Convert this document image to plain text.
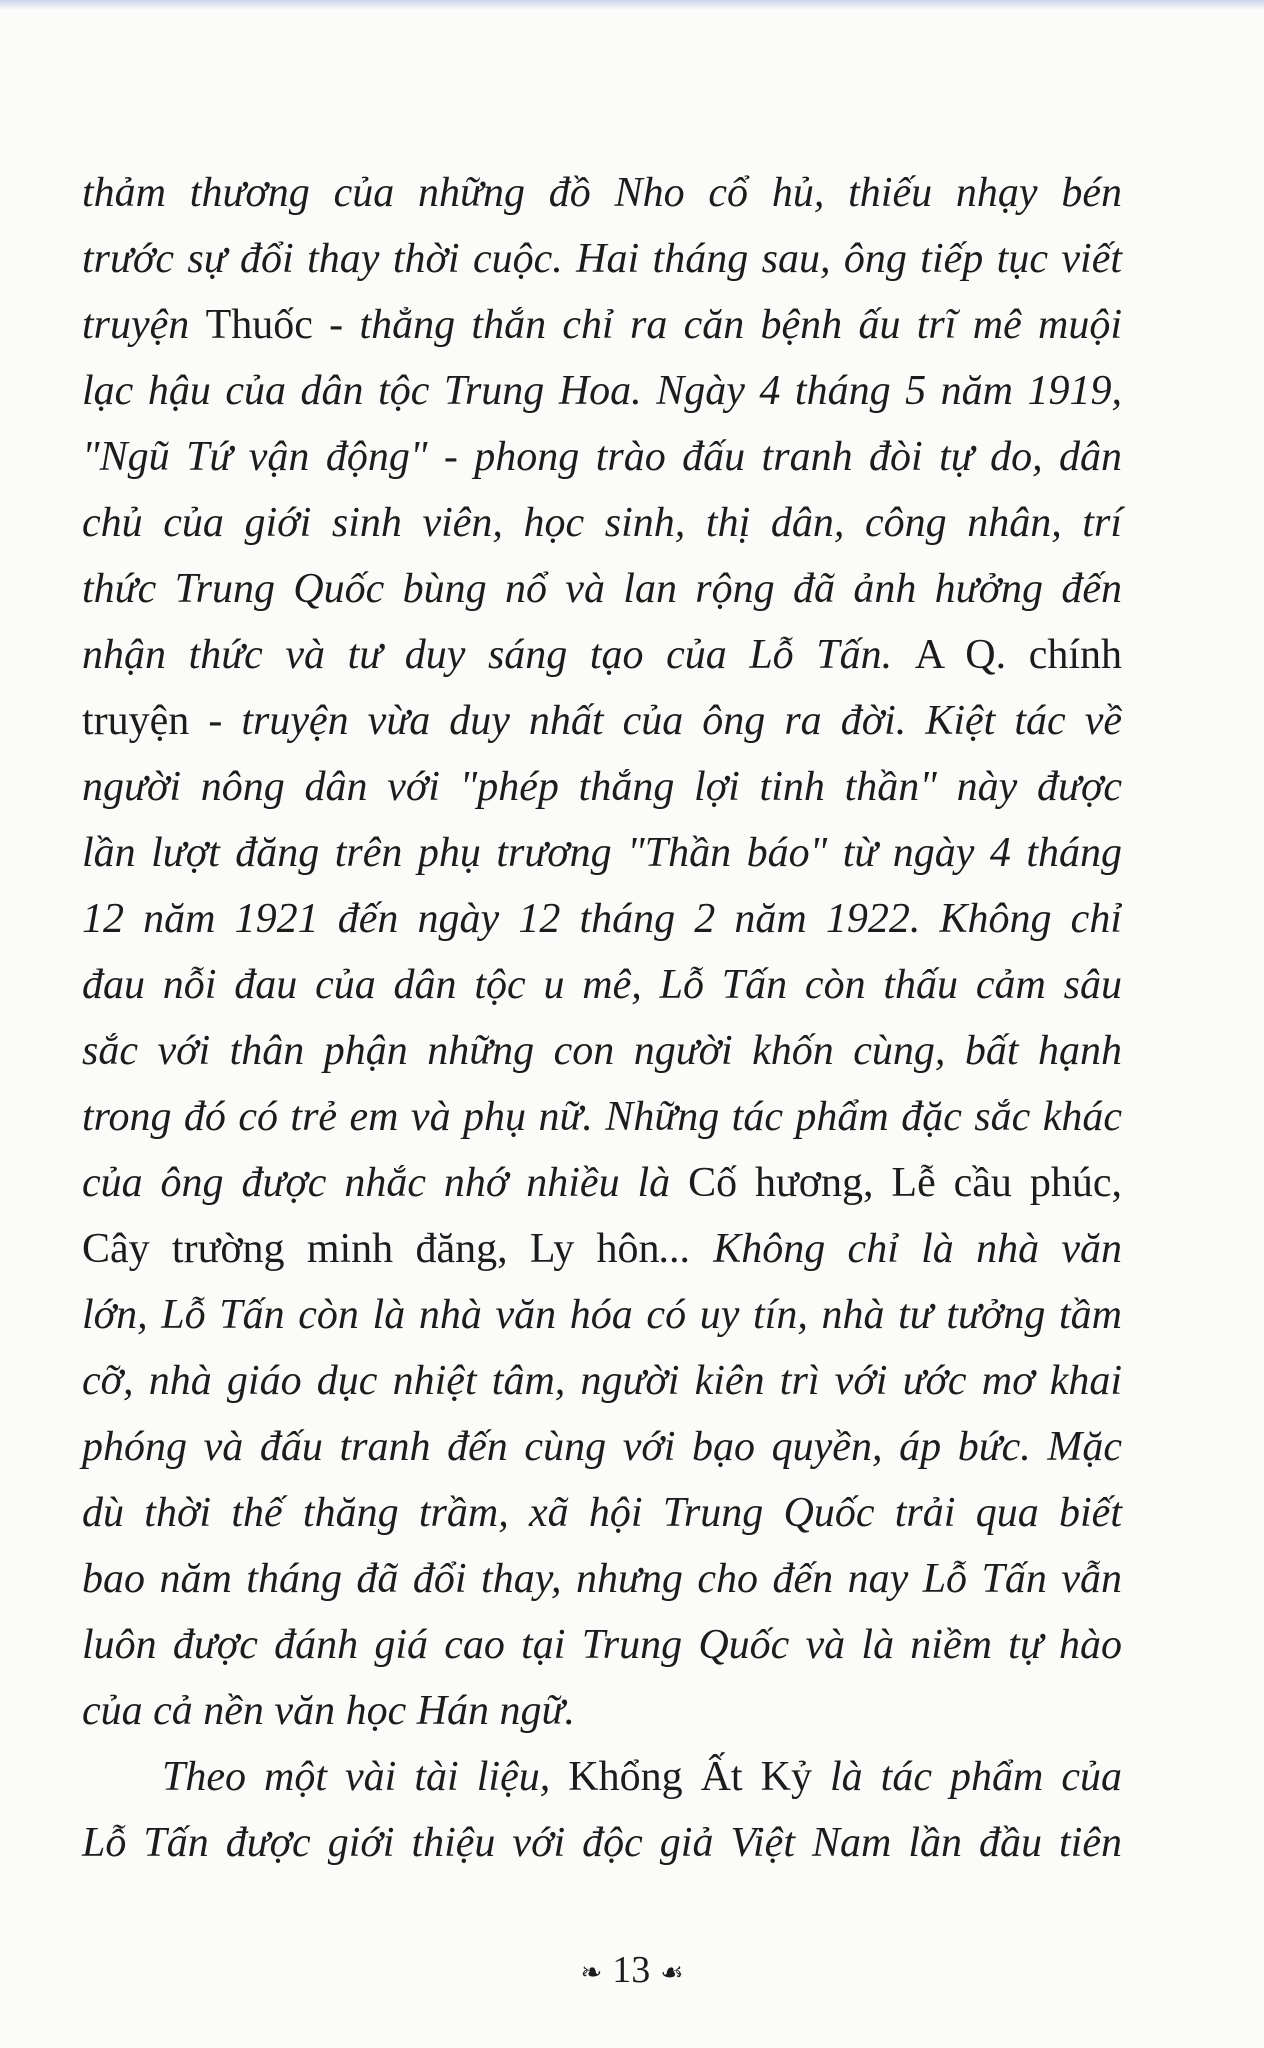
thảm thương của những đồ Nho cổ hủ, thiếu nhạy bén
trước sự đổi thay thời cuộc. Hai tháng sau, ông tiếp tục viết
truyện Thuốc - thẳng thắn chỉ ra căn bệnh ấu trĩ mê muội
lạc hậu của dân tộc Trung Hoa. Ngày 4 tháng 5 năm 1919,
"Ngũ Tứ vận động" - phong trào đấu tranh đòi tự do, dân
chủ của giới sinh viên, học sinh, thị dân, công nhân, trí
thức Trung Quốc bùng nổ và lan rộng đã ảnh hưởng đến
nhận thức và tư duy sáng tạo của Lỗ Tấn. A Q. chính
truyện - truyện vừa duy nhất của ông ra đời. Kiệt tác về
người nông dân với "phép thắng lợi tinh thần" này được
lần lượt đăng trên phụ trương "Thần báo" từ ngày 4 tháng
12 năm 1921 đến ngày 12 tháng 2 năm 1922. Không chỉ
đau nỗi đau của dân tộc u mê, Lỗ Tấn còn thấu cảm sâu
sắc với thân phận những con người khốn cùng, bất hạnh
trong đó có trẻ em và phụ nữ. Những tác phẩm đặc sắc khác
của ông được nhắc nhớ nhiều là Cố hương, Lễ cầu phúc,
Cây trường minh đăng, Ly hôn... Không chỉ là nhà văn
lớn, Lỗ Tấn còn là nhà văn hóa có uy tín, nhà tư tưởng tầm
cỡ, nhà giáo dục nhiệt tâm, người kiên trì với ước mơ khai
phóng và đấu tranh đến cùng với bạo quyền, áp bức. Mặc
dù thời thế thăng trầm, xã hội Trung Quốc trải qua biết
bao năm tháng đã đổi thay, nhưng cho đến nay Lỗ Tấn vẫn
luôn được đánh giá cao tại Trung Quốc và là niềm tự hào
của cả nền văn học Hán ngữ.
Theo một vài tài liệu, Khổng Ất Kỷ là tác phẩm của
Lỗ Tấn được giới thiệu với độc giả Việt Nam lần đầu tiên
❧ 13 ☙
